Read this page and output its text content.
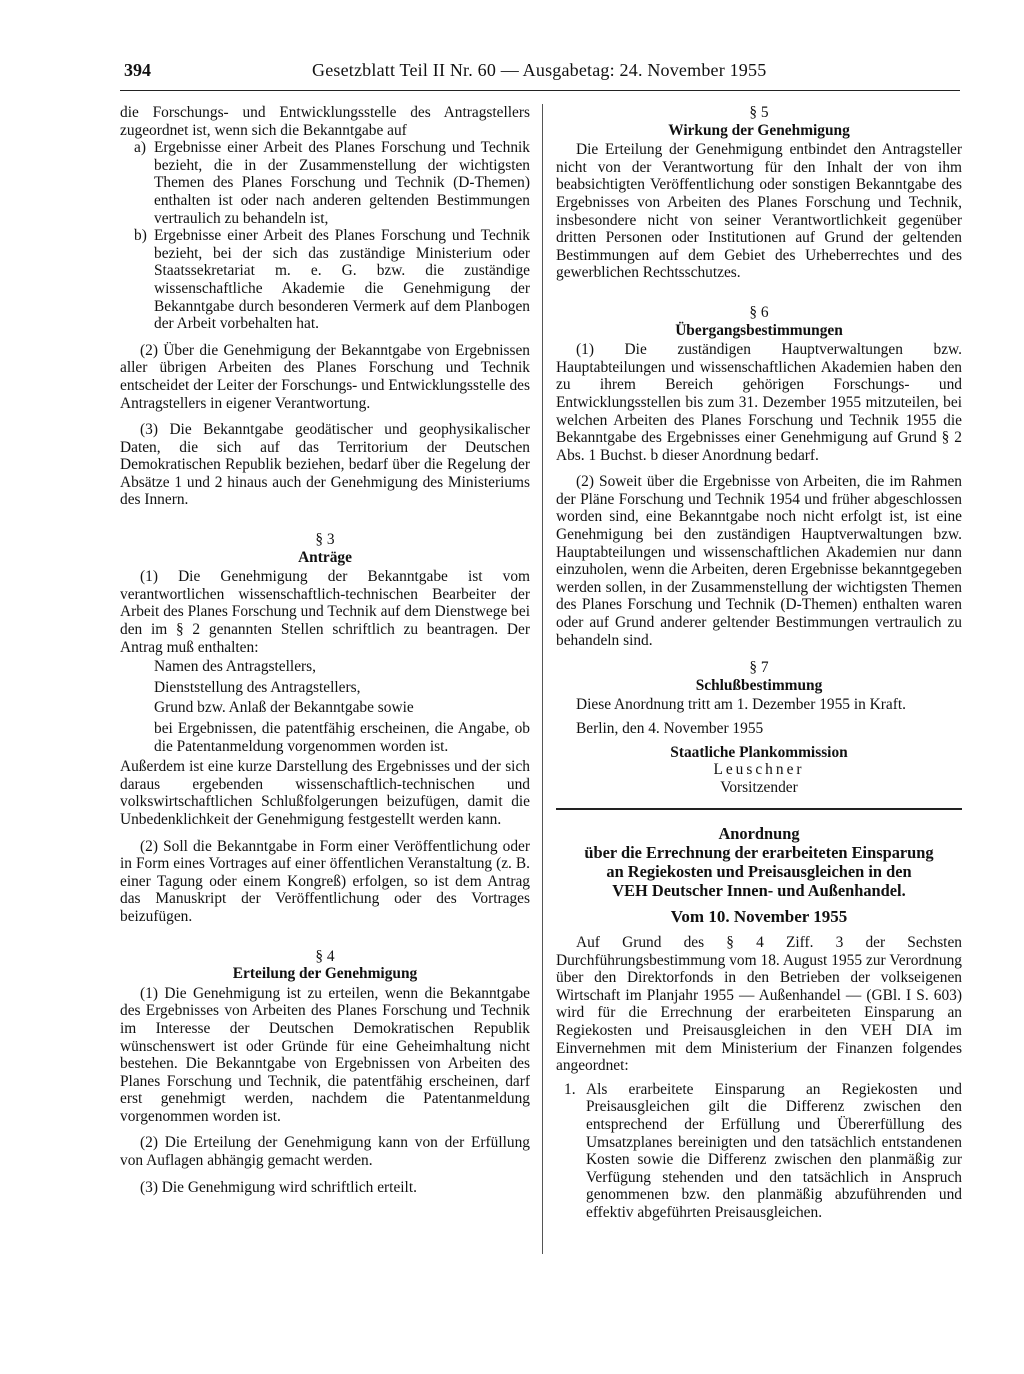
394	Gesetzblatt Teil II Nr. 60 — Ausgabetag: 24. November 1955

die Forschungs- und Entwicklungsstelle des Antragstellers zugeordnet ist, wenn sich die Bekanntgabe auf

a) Ergebnisse einer Arbeit des Planes Forschung und Technik bezieht, die in der Zusammenstellung der wichtigsten Themen des Planes Forschung und Technik (D-Themen) enthalten ist oder nach anderen geltenden Bestimmungen vertraulich zu behandeln ist,
b) Ergebnisse einer Arbeit des Planes Forschung und Technik bezieht, bei der sich das zuständige Ministerium oder Staatssekretariat m. e. G. bzw. die zuständige wissenschaftliche Akademie die Genehmigung der Bekanntgabe durch besonderen Vermerk auf dem Planbogen der Arbeit vorbehalten hat.

(2) Über die Genehmigung der Bekanntgabe von Ergebnissen aller übrigen Arbeiten des Planes Forschung und Technik entscheidet der Leiter der Forschungs- und Entwicklungsstelle des Antragstellers in eigener Verantwortung.

(3) Die Bekanntgabe geodätischer und geophysikalischer Daten, die sich auf das Territorium der Deutschen Demokratischen Republik beziehen, bedarf über die Regelung der Absätze 1 und 2 hinaus auch der Genehmigung des Ministeriums des Innern.

§ 3

Anträge

(1) Die Genehmigung der Bekanntgabe ist vom verantwortlichen wissenschaftlich-technischen Bearbeiter der Arbeit des Planes Forschung und Technik auf dem Dienstwege bei den im § 2 genannten Stellen schriftlich zu beantragen. Der Antrag muß enthalten:

Namen des Antragstellers,
Dienststellung des Antragstellers,
Grund bzw. Anlaß der Bekanntgabe sowie
bei Ergebnissen, die patentfähig erscheinen, die Angabe, ob die Patentanmeldung vorgenommen worden ist.

Außerdem ist eine kurze Darstellung des Ergebnisses und der sich daraus ergebenden wissenschaftlich-technischen und volkswirtschaftlichen Schlußfolgerungen beizufügen, damit die Unbedenklichkeit der Genehmigung festgestellt werden kann.

(2) Soll die Bekanntgabe in Form einer Veröffentlichung oder in Form eines Vortrages auf einer öffentlichen Veranstaltung (z. B. einer Tagung oder einem Kongreß) erfolgen, so ist dem Antrag das Manuskript der Veröffentlichung oder des Vortrages beizufügen.

§ 4

Erteilung der Genehmigung

(1) Die Genehmigung ist zu erteilen, wenn die Bekanntgabe des Ergebnisses von Arbeiten des Planes Forschung und Technik im Interesse der Deutschen Demokratischen Republik wünschenswert ist oder Gründe für eine Geheimhaltung nicht bestehen. Die Bekanntgabe von Ergebnissen von Arbeiten des Planes Forschung und Technik, die patentfähig erscheinen, darf erst genehmigt werden, nachdem die Patentanmeldung vorgenommen worden ist.

(2) Die Erteilung der Genehmigung kann von der Erfüllung von Auflagen abhängig gemacht werden.

(3) Die Genehmigung wird schriftlich erteilt.

§ 5

Wirkung der Genehmigung

Die Erteilung der Genehmigung entbindet den Antragsteller nicht von der Verantwortung für den Inhalt der von ihm beabsichtigten Veröffentlichung oder sonstigen Bekanntgabe des Ergebnisses von Arbeiten des Planes Forschung und Technik, insbesondere nicht von seiner Verantwortlichkeit gegenüber dritten Personen oder Institutionen auf Grund der geltenden Bestimmungen auf dem Gebiet des Urheberrechtes und des gewerblichen Rechtsschutzes.

§ 6

Übergangsbestimmungen

(1) Die zuständigen Hauptverwaltungen bzw. Hauptabteilungen und wissenschaftlichen Akademien haben den zu ihrem Bereich gehörigen Forschungs- und Entwicklungsstellen bis zum 31. Dezember 1955 mitzuteilen, bei welchen Arbeiten des Planes Forschung und Technik 1955 die Bekanntgabe des Ergebnisses einer Genehmigung auf Grund § 2 Abs. 1 Buchst. b dieser Anordnung bedarf.

(2) Soweit über die Ergebnisse von Arbeiten, die im Rahmen der Pläne Forschung und Technik 1954 und früher abgeschlossen worden sind, eine Bekanntgabe noch nicht erfolgt ist, ist eine Genehmigung bei den zuständigen Hauptverwaltungen bzw. Hauptabteilungen und wissenschaftlichen Akademien nur dann einzuholen, wenn die Arbeiten, deren Ergebnisse bekanntgegeben werden sollen, in der Zusammenstellung der wichtigsten Themen des Planes Forschung und Technik (D-Themen) enthalten waren oder auf Grund anderer geltender Bestimmungen vertraulich zu behandeln sind.

§ 7

Schlußbestimmung

Diese Anordnung tritt am 1. Dezember 1955 in Kraft.

Berlin, den 4. November 1955

Staatliche Plankommission

Leuschner

Vorsitzender

Anordnung

über die Errechnung der erarbeiteten Einsparung

an Regiekosten und Preisausgleichen in den

VEH Deutscher Innen- und Außenhandel.

Vom 10. November 1955

Auf Grund des § 4 Ziff. 3 der Sechsten Durchführungsbestimmung vom 18. August 1955 zur Verordnung über den Direktorfonds in den Betrieben der volkseigenen Wirtschaft im Planjahr 1955 — Außenhandel — (GBl. I S. 603) wird für die Errechnung der erarbeiteten Einsparung an Regiekosten und Preisausgleichen in den VEH DIA im Einvernehmen mit dem Ministerium der Finanzen folgendes angeordnet:

1. Als erarbeitete Einsparung an Regiekosten und Preisausgleichen gilt die Differenz zwischen den entsprechend der Erfüllung und Übererfüllung des Umsatzplanes bereinigten und den tatsächlich entstandenen Kosten sowie die Differenz zwischen den planmäßig zur Verfügung stehenden und den tatsächlich in Anspruch genommenen bzw. den planmäßig abzuführenden und effektiv abgeführten Preisausgleichen.
